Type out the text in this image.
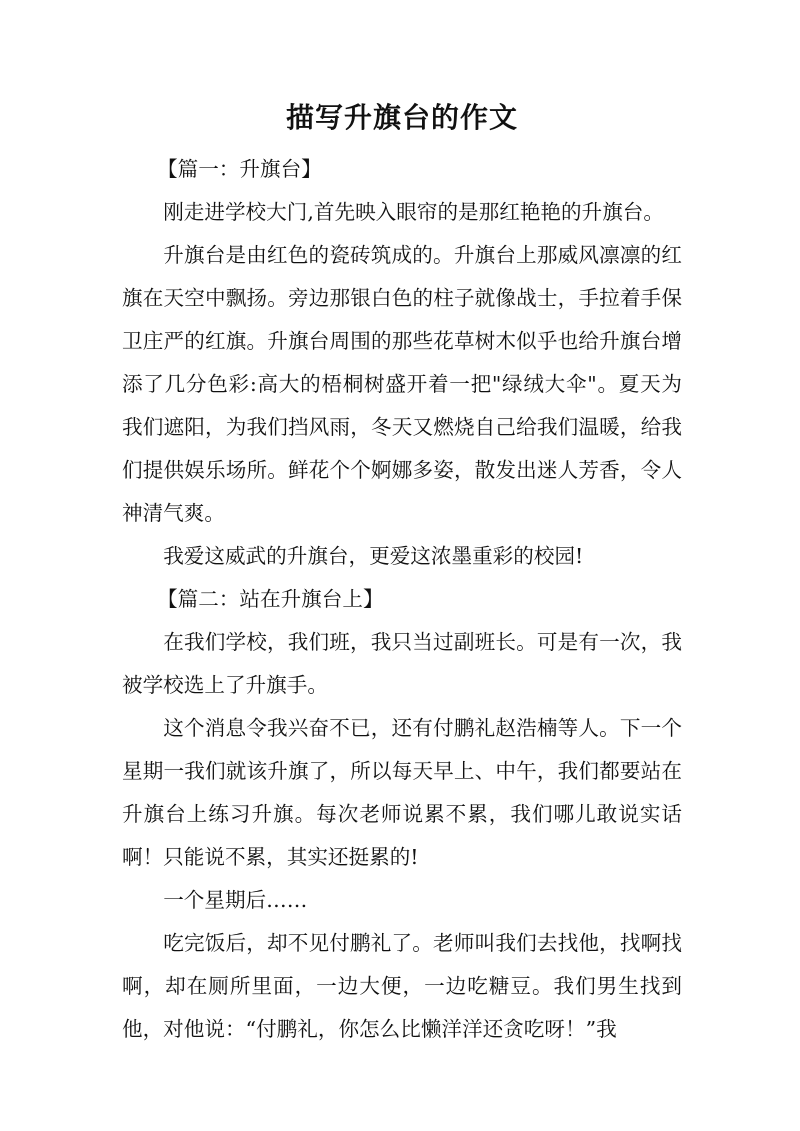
描写升旗台的作文

【篇一：升旗台】

刚走进学校大门,首先映入眼帘的是那红艳艳的升旗台。

升旗台是由红色的瓷砖筑成的。升旗台上那威风凛凛的红旗在天空中飘扬。旁边那银白色的柱子就像战士，手拉着手保卫庄严的红旗。升旗台周围的那些花草树木似乎也给升旗台增添了几分色彩:高大的梧桐树盛开着一把"绿绒大伞"。夏天为我们遮阳，为我们挡风雨，冬天又燃烧自己给我们温暖，给我们提供娱乐场所。鲜花个个婀娜多姿，散发出迷人芳香，令人神清气爽。

我爱这威武的升旗台，更爱这浓墨重彩的校园!

【篇二：站在升旗台上】

在我们学校，我们班，我只当过副班长。可是有一次，我被学校选上了升旗手。

这个消息令我兴奋不已，还有付鹏礼赵浩楠等人。下一个星期一我们就该升旗了，所以每天早上、中午，我们都要站在升旗台上练习升旗。每次老师说累不累，我们哪儿敢说实话啊！只能说不累，其实还挺累的!

一个星期后……

吃完饭后，却不见付鹏礼了。老师叫我们去找他，找啊找啊，却在厕所里面，一边大便，一边吃糖豆。我们男生找到他，对他说：“付鹏礼，你怎么比懒洋洋还贪吃呀！”我
